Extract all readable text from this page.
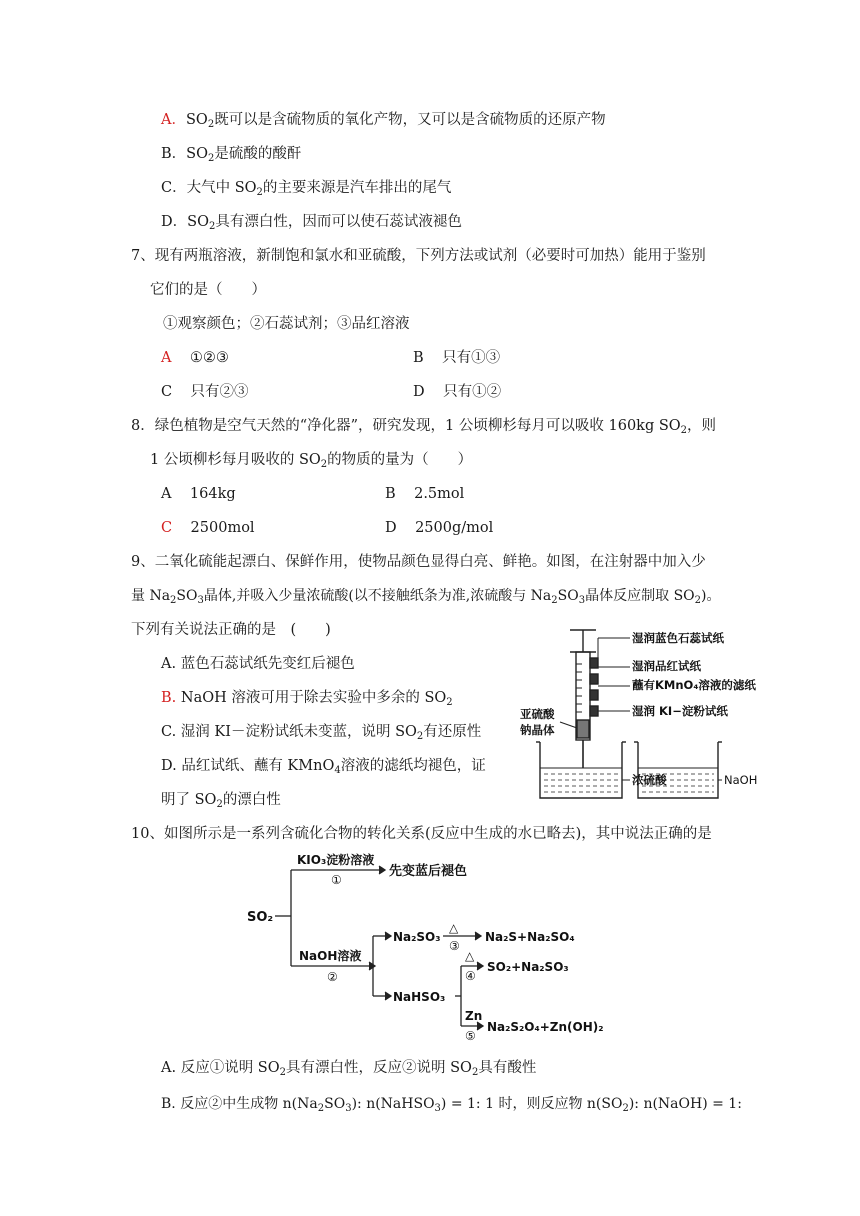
A．$SO_2$既可以是含硫物质的氧化产物，又可以是含硫物质的还原产物
B．$SO_2$是硫酸的酸酐
C．大气中 $SO_2$的主要来源是汽车排出的尾气
D．$SO_2$具有漂白性，因而可以使石蕊试液褪色
7、现有两瓶溶液，新制饱和氯水和亚硫酸，下列方法或试剂（必要时可加热）能用于鉴别
它们的是（　　）
①观察颜色；②石蕊试剂；③品红溶液
A ①②③	B 只有①③
C 只有②③	D 只有①②
8．绿色植物是空气天然的“净化器”，研究发现，1 公顷柳杉每月可以吸收 160kg $SO_2$，则
1 公顷柳杉每月吸收的 $SO_2$的物质的量为（　　）
A 164kg	B 2.5mol
C 2500mol	D 2500g/mol
9、二氧化硫能起漂白、保鲜作用，使物品颜色显得白亮、鲜艳。如图，在注射器中加入少
量 $Na_2SO_3$晶体,并吸入少量浓硫酸(以不接触纸条为准,浓硫酸与 $Na_2SO_3$晶体反应制取 $SO_2$)。
下列有关说法正确的是　(　　)
A. 蓝色石蕊试纸先变红后褪色
B. NaOH 溶液可用于除去实验中多余的 $SO_2$
C. 湿润 KI－淀粉试纸未变蓝，说明 $SO_2$有还原性
D. 品红试纸、蘸有 KMnO$_4$溶液的滤纸均褪色，证
明了 $SO_2$的漂白性
湿润蓝色石蕊试纸
湿润品红试纸
蘸有KMnO₄溶液的滤纸
湿润 KI−淀粉试纸
亚硫酸
钠晶体
浓硫酸	NaOH
10、如图所示是一系列含硫化合物的转化关系(反应中生成的水已略去)，其中说法正确的是
SO₂
KIO₃淀粉溶液
①
先变蓝后褪色
NaOH溶液
②
Na₂SO₃
△
③
Na₂S+Na₂SO₄
NaHSO₃
△
④
SO₂+Na₂SO₃
Zn
⑤
Na₂S₂O₄+Zn(OH)₂
A. 反应①说明 $SO_2$具有漂白性，反应②说明 $SO_2$具有酸性
B. 反应②中生成物 $n(Na_2SO_3)$: n(NaHSO$_3$) = 1: 1 时，则反应物 $n(SO_2)$: n(NaOH) = 1:
